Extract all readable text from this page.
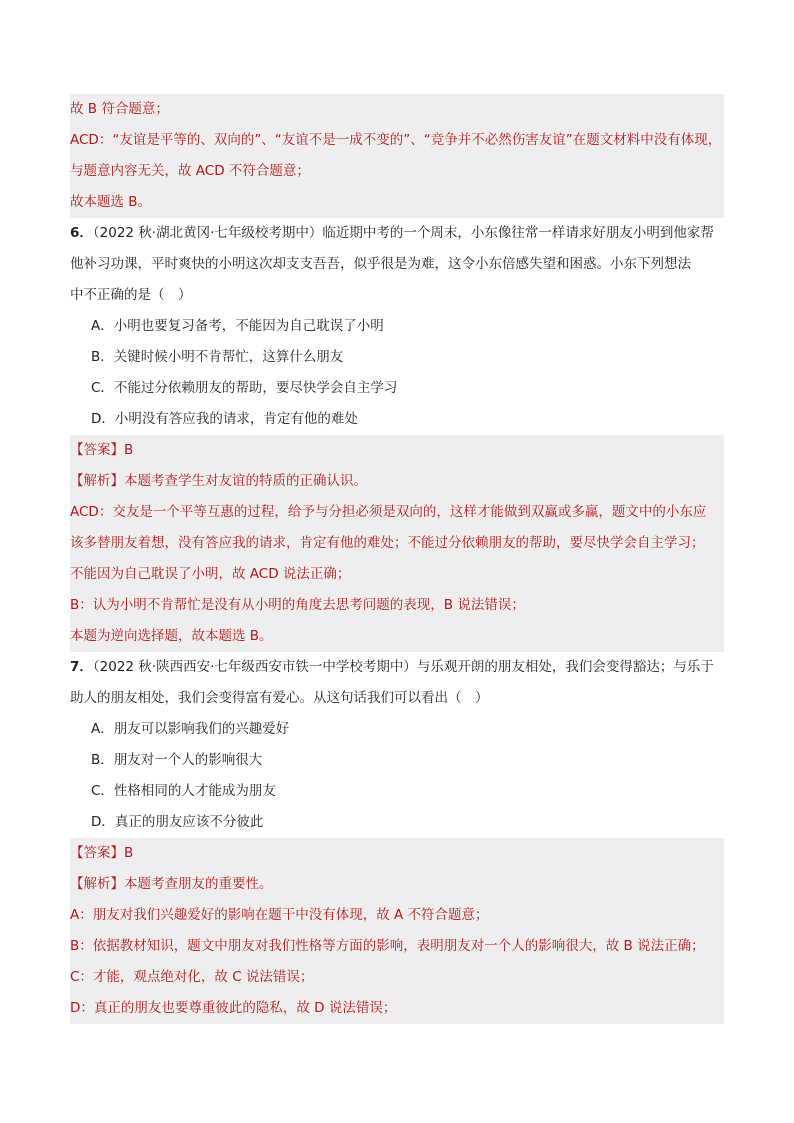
故 B 符合题意；
ACD：“友谊是平等的、双向的”、“友谊不是一成不变的”、“竞争并不必然伤害友谊”在题文材料中没有体现，
与题意内容无关，故 ACD 不符合题意；
故本题选 B。
6．（2022 秋·湖北黄冈·七年级校考期中）临近期中考的一个周末，小东像往常一样请求好朋友小明到他家帮
他补习功课，平时爽快的小明这次却支支吾吾，似乎很是为难，这令小东倍感失望和困惑。小东下列想法
中不正确的是（　）
A．小明也要复习备考，不能因为自己耽误了小明
B．关键时候小明不肯帮忙，这算什么朋友
C．不能过分依赖朋友的帮助，要尽快学会自主学习
D．小明没有答应我的请求，肯定有他的难处
【答案】B
【解析】本题考查学生对友谊的特质的正确认识。
ACD：交友是一个平等互惠的过程，给予与分担必须是双向的，这样才能做到双赢或多赢，题文中的小东应
该多替朋友着想，没有答应我的请求，肯定有他的难处；不能过分依赖朋友的帮助，要尽快学会自主学习；
不能因为自己耽误了小明，故 ACD 说法正确；
B：认为小明不肯帮忙是没有从小明的角度去思考问题的表现，B 说法错误；
本题为逆向选择题，故本题选 B。
7．（2022 秋·陕西西安·七年级西安市铁一中学校考期中）与乐观开朗的朋友相处，我们会变得豁达；与乐于
助人的朋友相处，我们会变得富有爱心。从这句话我们可以看出（　）
A．朋友可以影响我们的兴趣爱好
B．朋友对一个人的影响很大
C．性格相同的人才能成为朋友
D．真正的朋友应该不分彼此
【答案】B
【解析】本题考查朋友的重要性。
A：朋友对我们兴趣爱好的影响在题干中没有体现，故 A 不符合题意；
B：依据教材知识，题文中朋友对我们性格等方面的影响，表明朋友对一个人的影响很大，故 B 说法正确；
C：才能，观点绝对化，故 C 说法错误；
D：真正的朋友也要尊重彼此的隐私，故 D 说法错误；
